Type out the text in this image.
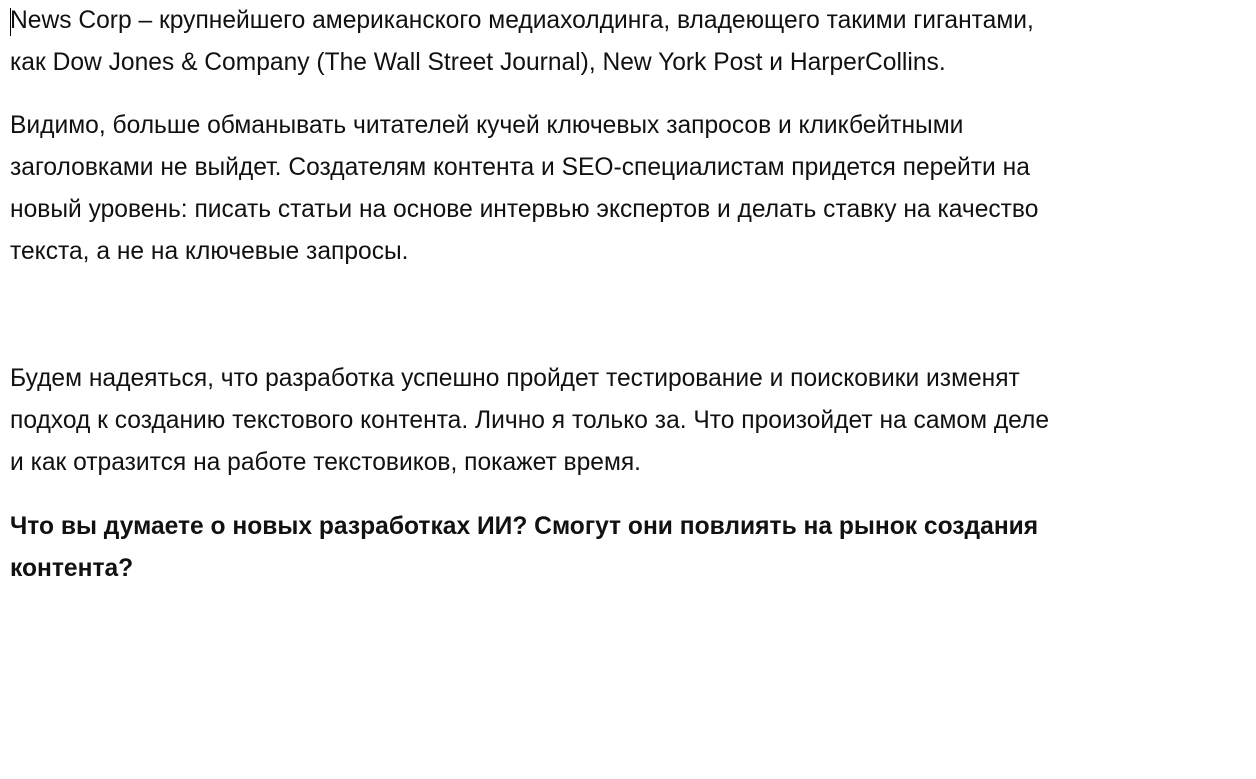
News Corp – крупнейшего американского медиахолдинга, владеющего такими гигантами,
как Dow Jones & Company (The Wall Street Journal), New York Post и HarperCollins.

Видимо, больше обманывать читателей кучей ключевых запросов и кликбейтными
заголовками не выйдет. Создателям контента и SEO-специалистам придется перейти на
новый уровень: писать статьи на основе интервью экспертов и делать ставку на качество
текста, а не на ключевые запросы.

Будем надеяться, что разработка успешно пройдет тестирование и поисковики изменят
подход к созданию текстового контента. Лично я только за. Что произойдет на самом деле
и как отразится на работе текстовиков, покажет время.

Что вы думаете о новых разработках ИИ? Смогут они повлиять на рынок создания
контента?
